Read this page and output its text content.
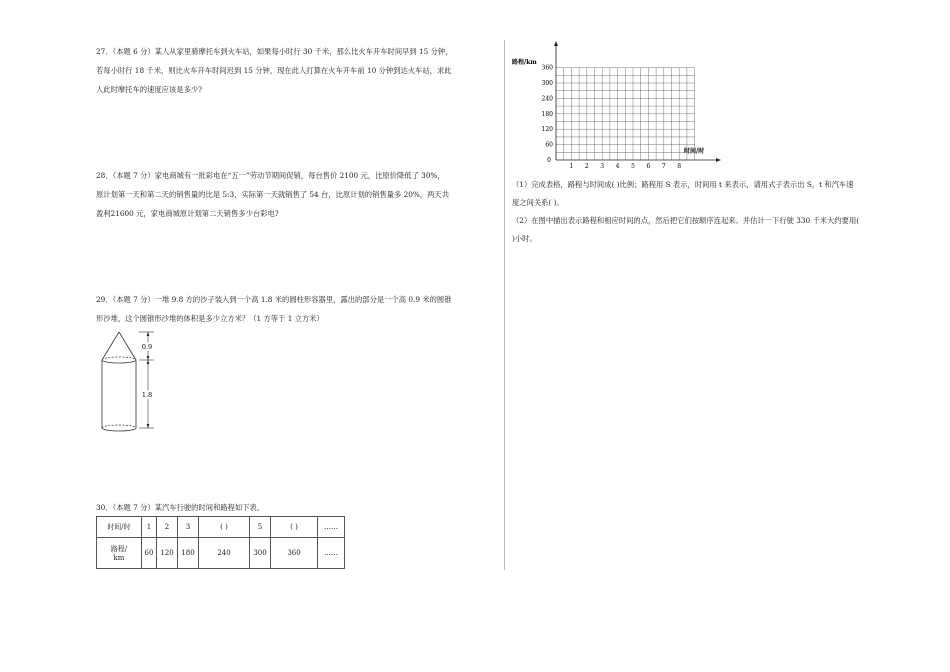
27．（本题 6 分）某人从家里骑摩托车到火车站，如果每小时行 30 千米，那么比火车开车时间早到 15 分钟，

若每小时行 18 千米，则比火车开车时间迟到 15 分钟，现在此人打算在火车开车前 10 分钟到达火车站，求此

人此时摩托车的速度应该是多少?

28．（本题 7 分）家电商城有一批彩电在“五一”劳动节期间促销，每台售价 2100 元，比原价降低了 30%，

原计划第一天和第二天的销售量的比是 5:3，实际第一天就销售了 54 台，比原计划的销售量多 20%，两天共

盈利21600 元，家电商城原计划第二天销售多少台彩电?

29．（本题 7 分）一堆 9.8 方的沙子装入到一个高 1.8 米的圆柱形容器里，露出的部分是一个高 0.9 米的圆锥

形沙堆，这个圆锥形沙堆的体积是多少立方米？（1 方等于 1 立方米）

0.9
1.8

30．（本题 7 分）某汽车行驶的时间和路程如下表。

时间/时	1	2	3	( )	5	( )	……
路程/
km	60	120	180	240	300	360	……
路程/km
时间/时
0
60
120
180
240
300
360
1 2 3 4 5 6 7 8
（1）完成表格，路程与时间成( )比例；路程用 S 表示，时间用 t 来表示，请用式子表示出 S，t 和汽车速
度之间关系( )。
（2）在图中描出表示路程和相应时间的点，然后把它们按顺序连起来。并估计一下行驶 330 千米大约要用(
)小时。
